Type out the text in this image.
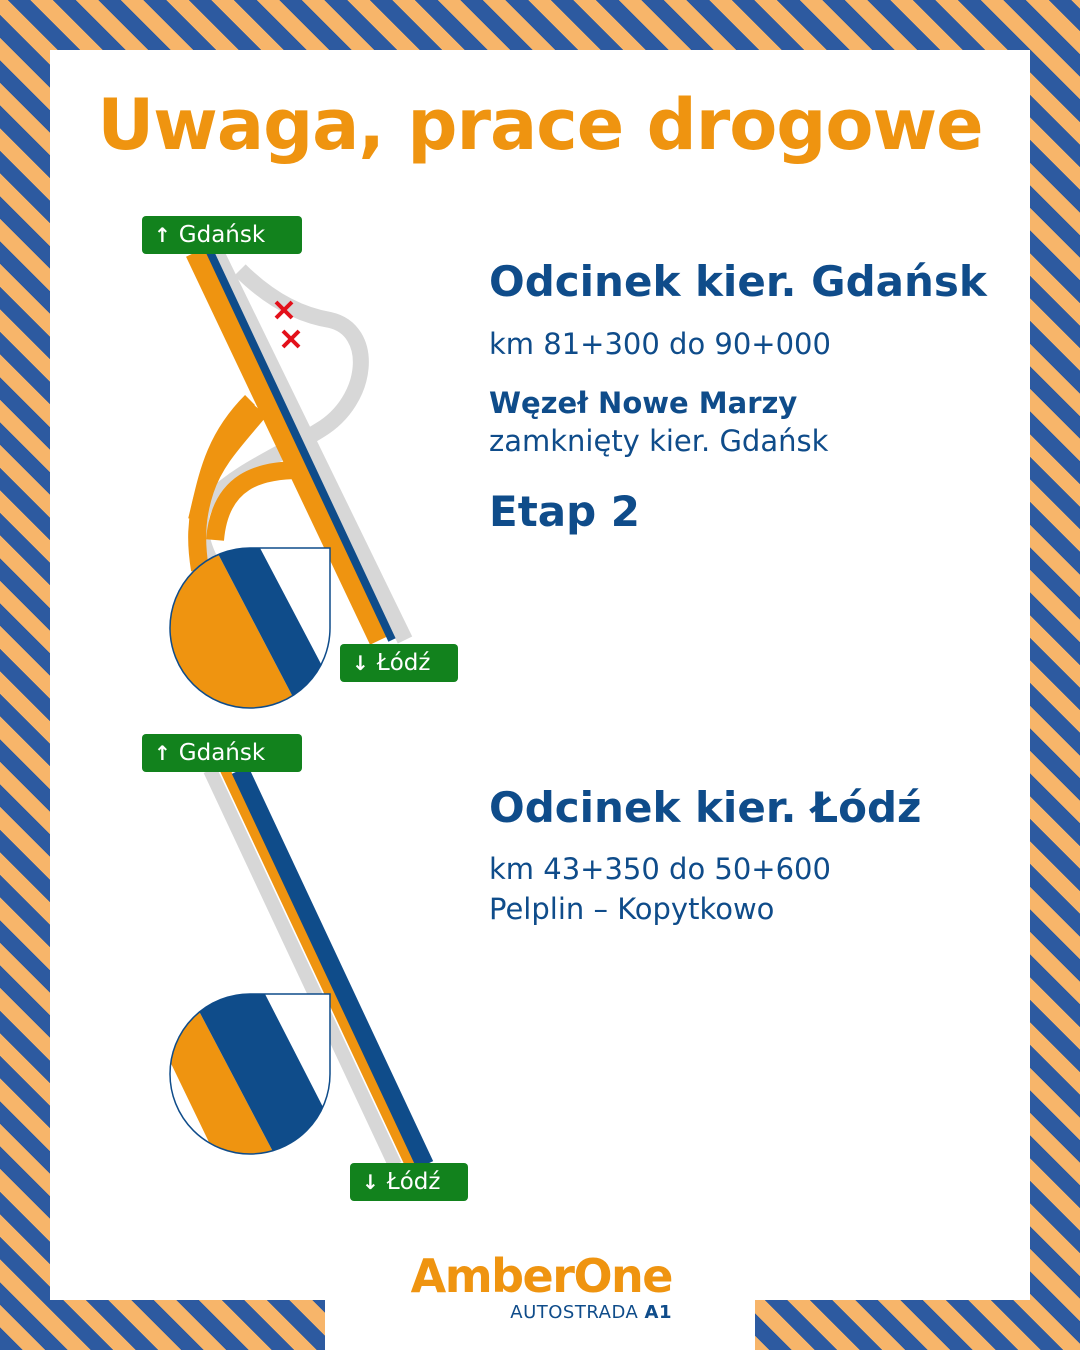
Uwaga, prace drogowe
↑ Gdańsk
↓ Łódź
Odcinek kier. Gdańsk
km 81+300 do 90+000
Węzeł Nowe Marzy
zamknięty kier. Gdańsk
Etap 2
↑ Gdańsk
↓ Łódź
Odcinek kier. Łódź
km 43+350 do 50+600
Pelplin – Kopytkowo
AmberOne
AUTOSTRADA A1
